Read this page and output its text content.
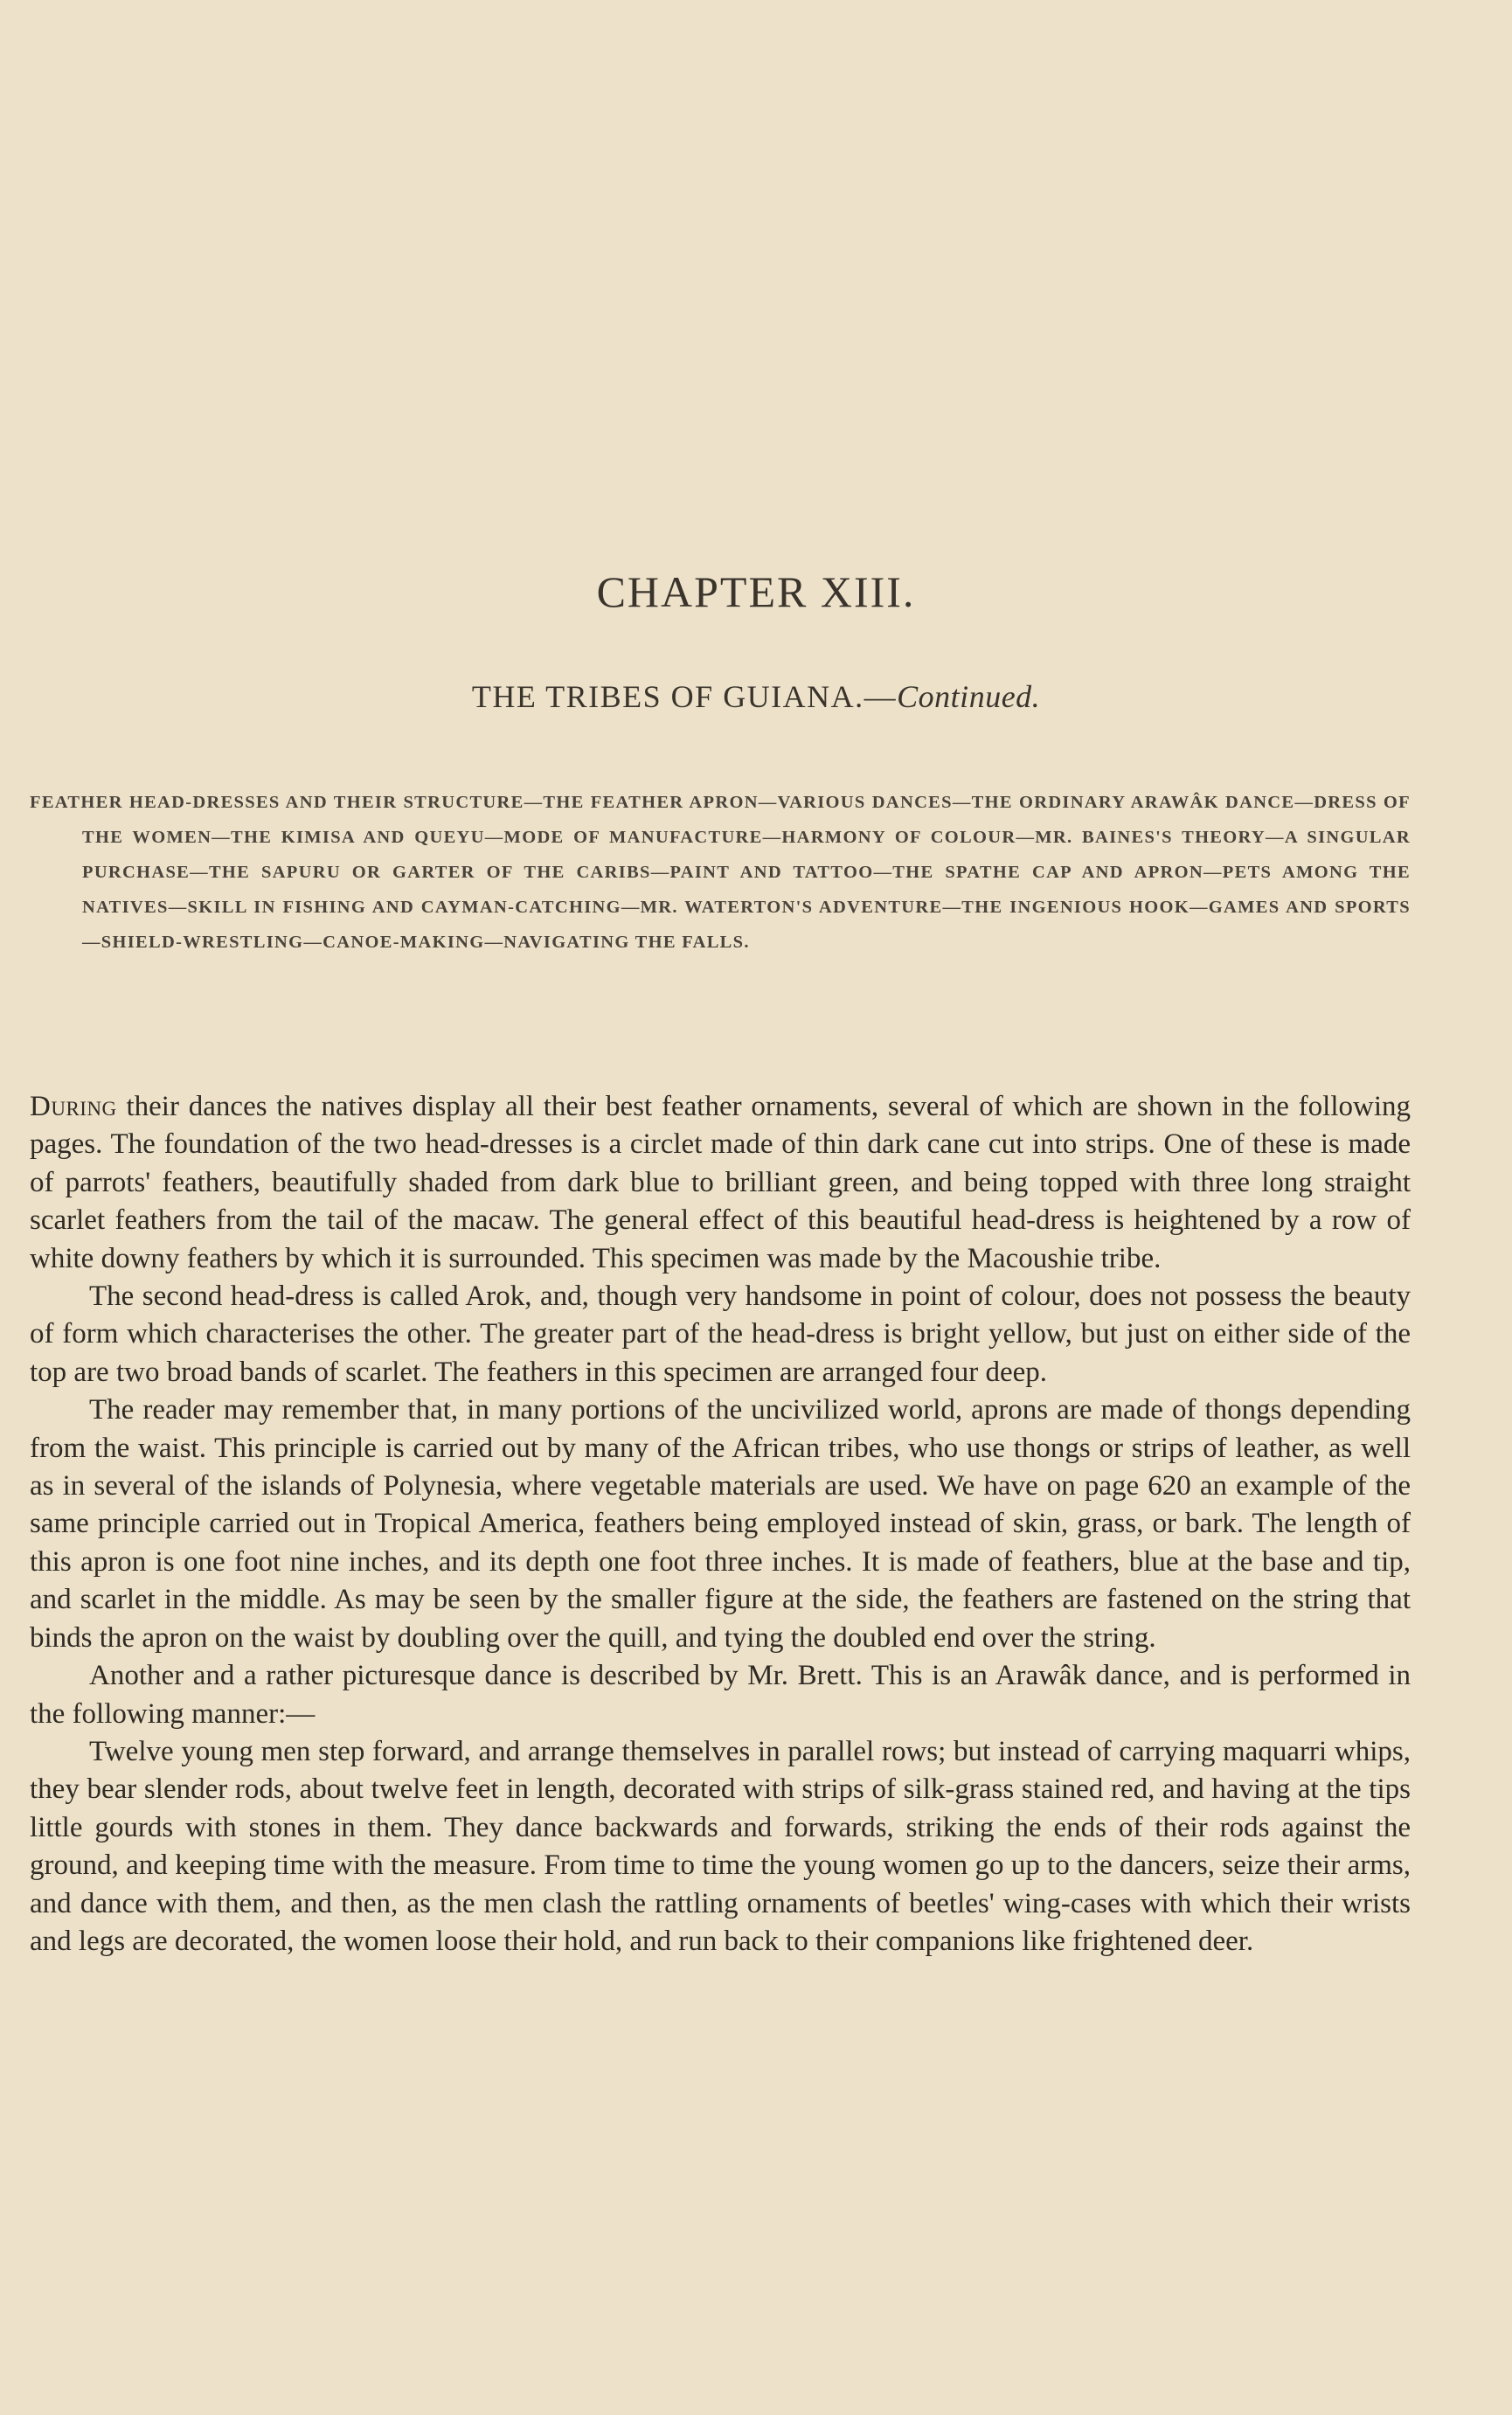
CHAPTER XIII.
THE TRIBES OF GUIANA.—Continued.
FEATHER HEAD-DRESSES AND THEIR STRUCTURE—THE FEATHER APRON—VARIOUS DANCES—THE ORDINARY ARAWÂK DANCE—DRESS OF THE WOMEN—THE KIMISA AND QUEYU—MODE OF MANUFACTURE—HARMONY OF COLOUR—MR. BAINES'S THEORY—A SINGULAR PURCHASE—THE SAPURU OR GARTER OF THE CARIBS—PAINT AND TATTOO—THE SPATHE CAP AND APRON—PETS AMONG THE NATIVES—SKILL IN FISHING AND CAYMAN-CATCHING—MR. WATERTON'S ADVENTURE—THE INGENIOUS HOOK—GAMES AND SPORTS—SHIELD-WRESTLING—CANOE-MAKING—NAVIGATING THE FALLS.

During their dances the natives display all their best feather ornaments, several of which are shown in the following pages. The foundation of the two head-dresses is a circlet made of thin dark cane cut into strips. One of these is made of parrots' feathers, beautifully shaded from dark blue to brilliant green, and being topped with three long straight scarlet feathers from the tail of the macaw. The general effect of this beautiful head-dress is heightened by a row of white downy feathers by which it is surrounded. This specimen was made by the Macoushie tribe.

The second head-dress is called Arok, and, though very handsome in point of colour, does not possess the beauty of form which characterises the other. The greater part of the head-dress is bright yellow, but just on either side of the top are two broad bands of scarlet. The feathers in this specimen are arranged four deep.

The reader may remember that, in many portions of the uncivilized world, aprons are made of thongs depending from the waist. This principle is carried out by many of the African tribes, who use thongs or strips of leather, as well as in several of the islands of Polynesia, where vegetable materials are used. We have on page 620 an example of the same principle carried out in Tropical America, feathers being employed instead of skin, grass, or bark. The length of this apron is one foot nine inches, and its depth one foot three inches. It is made of feathers, blue at the base and tip, and scarlet in the middle. As may be seen by the smaller figure at the side, the feathers are fastened on the string that binds the apron on the waist by doubling over the quill, and tying the doubled end over the string.

Another and a rather picturesque dance is described by Mr. Brett. This is an Arawâk dance, and is performed in the following manner:—

Twelve young men step forward, and arrange themselves in parallel rows; but instead of carrying maquarri whips, they bear slender rods, about twelve feet in length, decorated with strips of silk-grass stained red, and having at the tips little gourds with stones in them. They dance backwards and forwards, striking the ends of their rods against the ground, and keeping time with the measure. From time to time the young women go up to the dancers, seize their arms, and dance with them, and then, as the men clash the rattling ornaments of beetles' wing-cases with which their wrists and legs are decorated, the women loose their hold, and run back to their companions like frightened deer.
